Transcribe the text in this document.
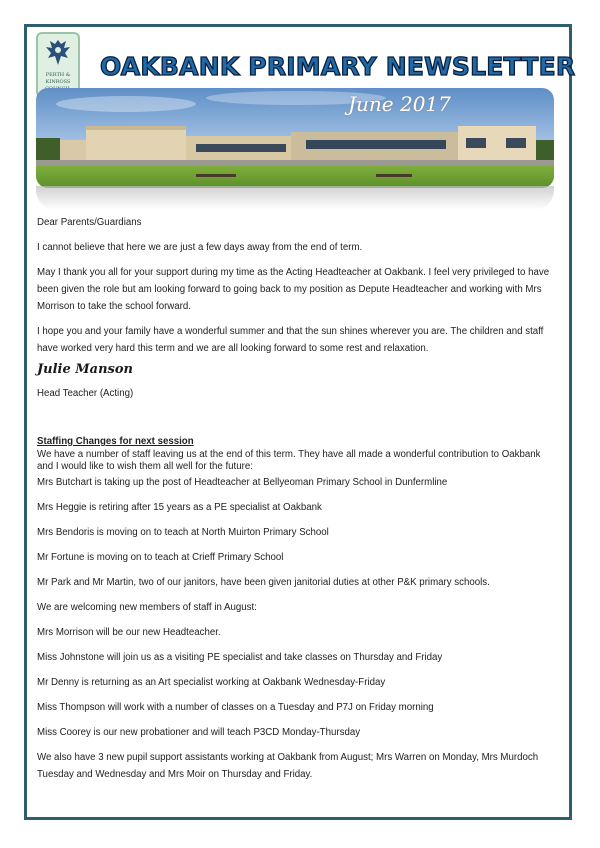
PERTH &
KINROSS
OAKBANK PRIMARY NEWSLETTER
June 2017

Dear Parents/Guardians

I cannot believe that here we are just a few days away from the end of term.

May I thank you all for your support during my time as the Acting Headteacher at Oakbank. I feel very privileged to have been given the role but am looking forward to going back to my position as Depute Headteacher and working with Mrs Morrison to take the school forward.

I hope you and your family have a wonderful summer and that the sun shines wherever you are. The children and staff have worked very hard this term and we are all looking forward to some rest and relaxation.

Julie Manson

Head Teacher (Acting)

Staffing Changes for next session

We have a number of staff leaving us at the end of this term. They have all made a wonderful contribution to Oakbank and I would like to wish them all well for the future:

Mrs Butchart is taking up the post of Headteacher at Bellyeoman Primary School in Dunfermline

Mrs Heggie is retiring after 15 years as a PE specialist at Oakbank

Mrs Bendoris is moving on to teach at North Muirton Primary School

Mr Fortune is moving on to teach at Crieff Primary School

Mr Park and Mr Martin, two of our janitors, have been given janitorial duties at other P&K primary schools.

We are welcoming new members of staff in August:

Mrs Morrison will be our new Headteacher.

Miss Johnstone will join us as a visiting PE specialist and take classes on Thursday and Friday

Mr Denny is returning as an Art specialist working at Oakbank Wednesday-Friday

Miss Thompson will work with a number of classes on a Tuesday and P7J on Friday morning

Miss Coorey is our new probationer and will teach P3CD Monday-Thursday

We also have 3 new pupil support assistants working at Oakbank from August; Mrs Warren on Monday, Mrs Murdoch Tuesday and Wednesday and Mrs Moir on Thursday and Friday.
